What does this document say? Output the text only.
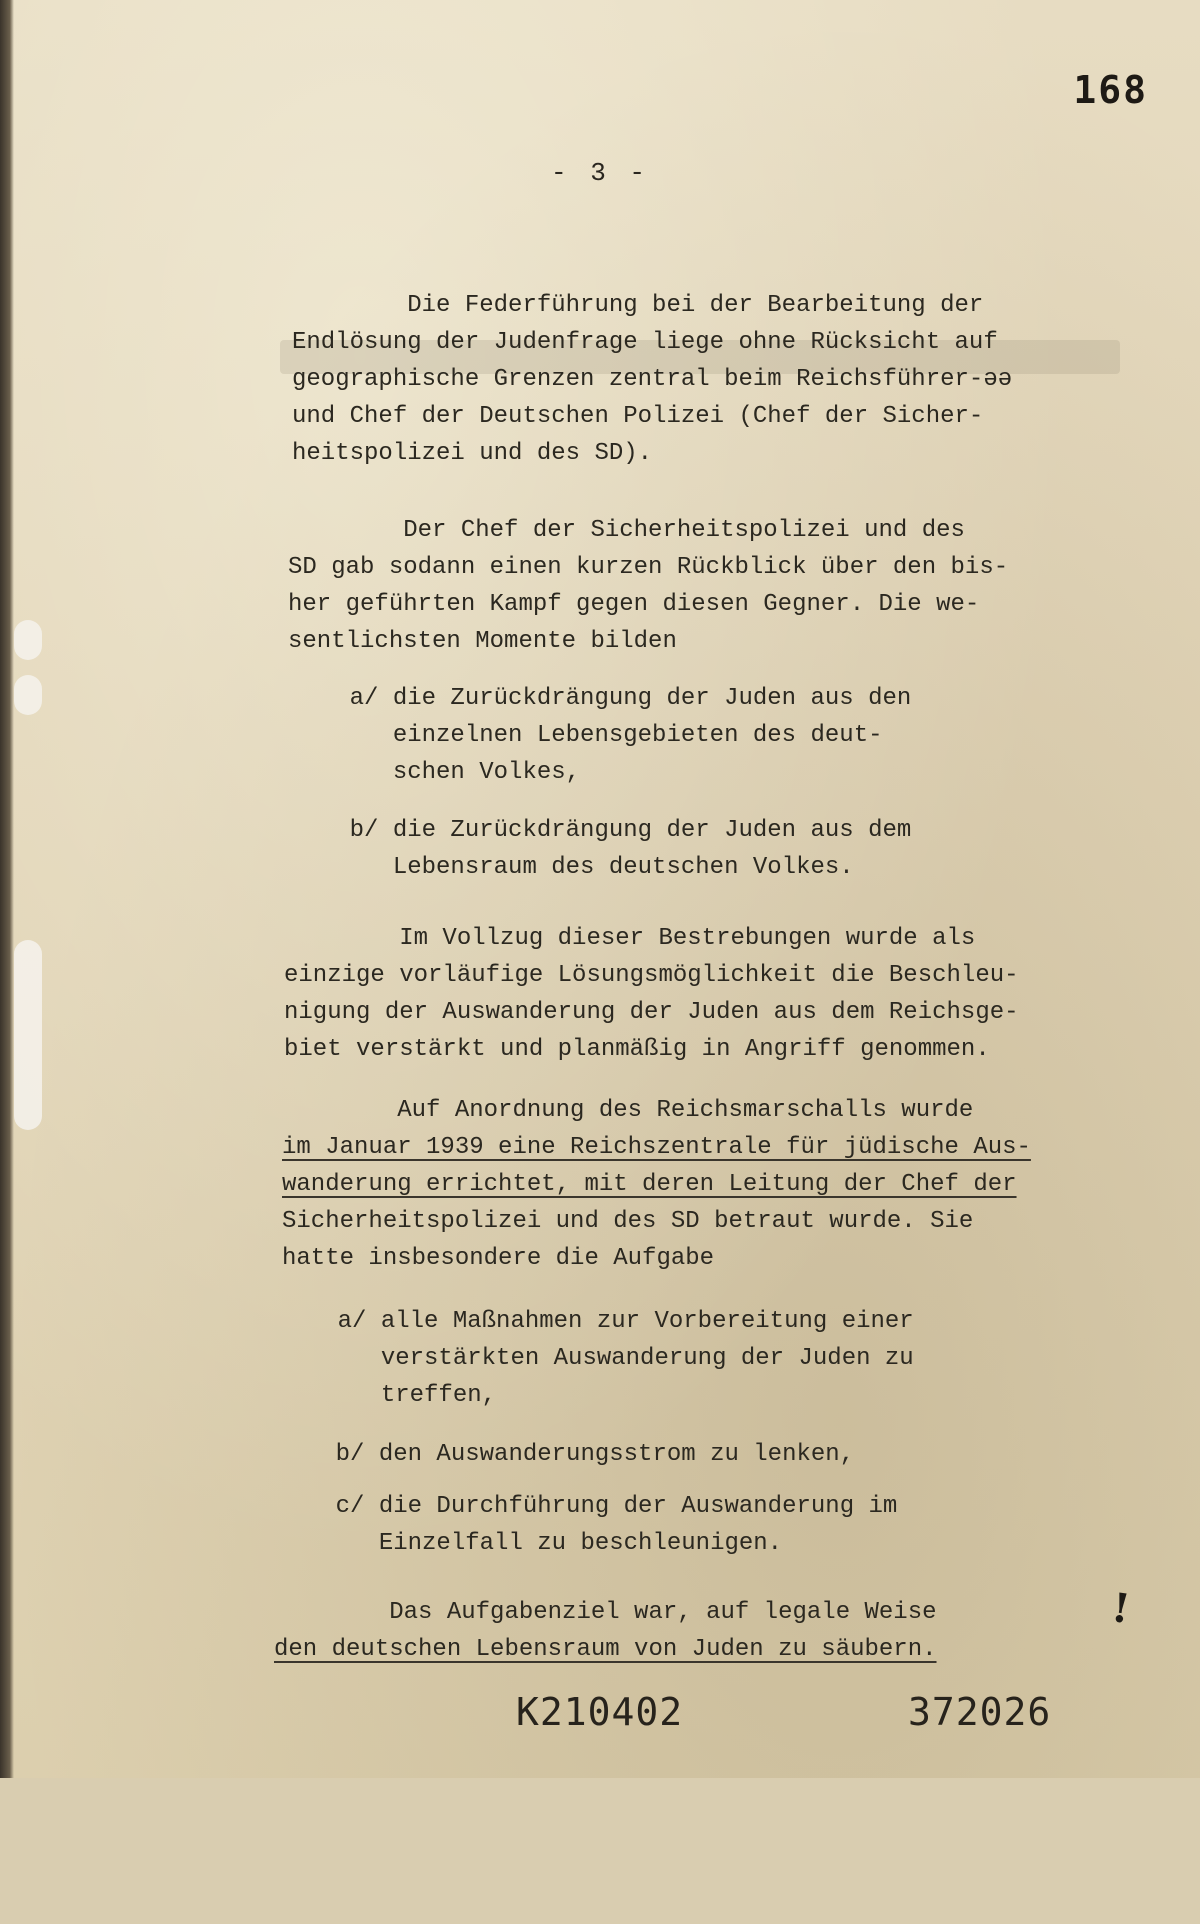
168
- 3 -

Die Federführung bei der Bearbeitung der

Endlösung der Judenfrage liege ohne Rücksicht auf

geographische Grenzen zentral beim Reichsführer-ǝǝ

und Chef der Deutschen Polizei (Chef der Sicher-

heitspolizei und des SD).

Der Chef der Sicherheitspolizei und des

SD gab sodann einen kurzen Rückblick über den bis-

her geführten Kampf gegen diesen Gegner. Die we-

sentlichsten Momente bilden

a/ die Zurückdrängung der Juden aus den

einzelnen Lebensgebieten des deut-

schen Volkes,

b/ die Zurückdrängung der Juden aus dem

Lebensraum des deutschen Volkes.

Im Vollzug dieser Bestrebungen wurde als

einzige vorläufige Lösungsmöglichkeit die Beschleu-

nigung der Auswanderung der Juden aus dem Reichsge-

biet verstärkt und planmäßig in Angriff genommen.

Auf Anordnung des Reichsmarschalls wurde

im Januar 1939 eine Reichszentrale für jüdische Aus-

wanderung errichtet, mit deren Leitung der Chef der

Sicherheitspolizei und des SD betraut wurde. Sie

hatte insbesondere die Aufgabe

a/ alle Maßnahmen zur Vorbereitung einer

verstärkten Auswanderung der Juden zu

treffen,

b/ den Auswanderungsstrom zu lenken,

c/ die Durchführung der Auswanderung im

Einzelfall zu beschleunigen.

Das Aufgabenziel war, auf legale Weise

den deutschen Lebensraum von Juden zu säubern.

!
K210402	372026
